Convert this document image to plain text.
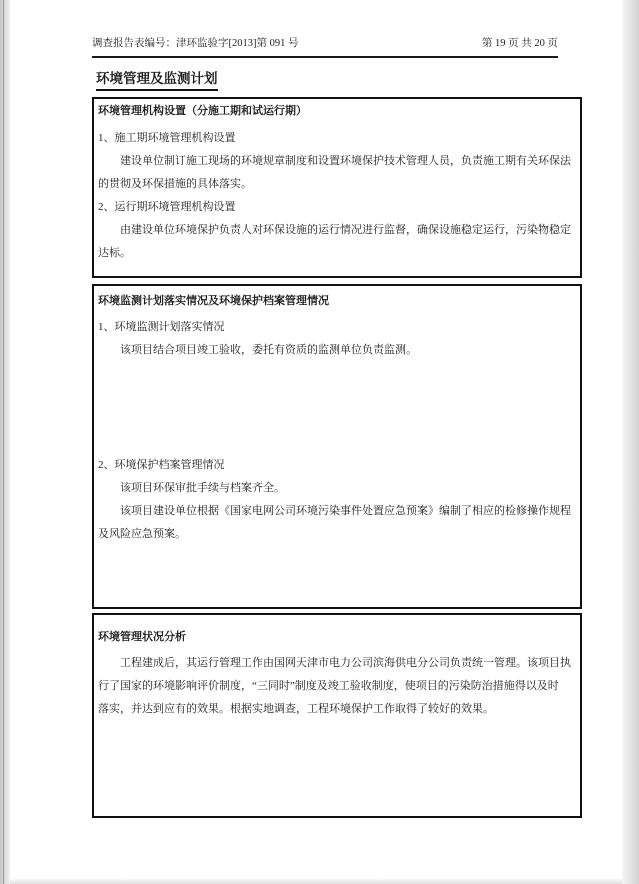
调查报告表编号：津环监验字[2013]第 091 号	第 19 页 共 20 页
环境管理及监测计划
环境管理机构设置（分施工期和试运行期）
1、施工期环境管理机构设置
建设单位制订施工现场的环境规章制度和设置环境保护技术管理人员，负责施工期有关环保法
的贯彻及环保措施的具体落实。
2、运行期环境管理机构设置
由建设单位环境保护负责人对环保设施的运行情况进行监督，确保设施稳定运行，污染物稳定
达标。
环境监测计划落实情况及环境保护档案管理情况
1、环境监测计划落实情况
该项目结合项目竣工验收，委托有资质的监测单位负责监测。
2、环境保护档案管理情况
该项目环保审批手续与档案齐全。
该项目建设单位根据《国家电网公司环境污染事件处置应急预案》编制了相应的检修操作规程
及风险应急预案。
环境管理状况分析
工程建成后，其运行管理工作由国网天津市电力公司滨海供电分公司负责统一管理。该项目执
行了国家的环境影响评价制度，“三同时”制度及竣工验收制度，使项目的污染防治措施得以及时
落实，并达到应有的效果。根据实地调查，工程环境保护工作取得了较好的效果。
